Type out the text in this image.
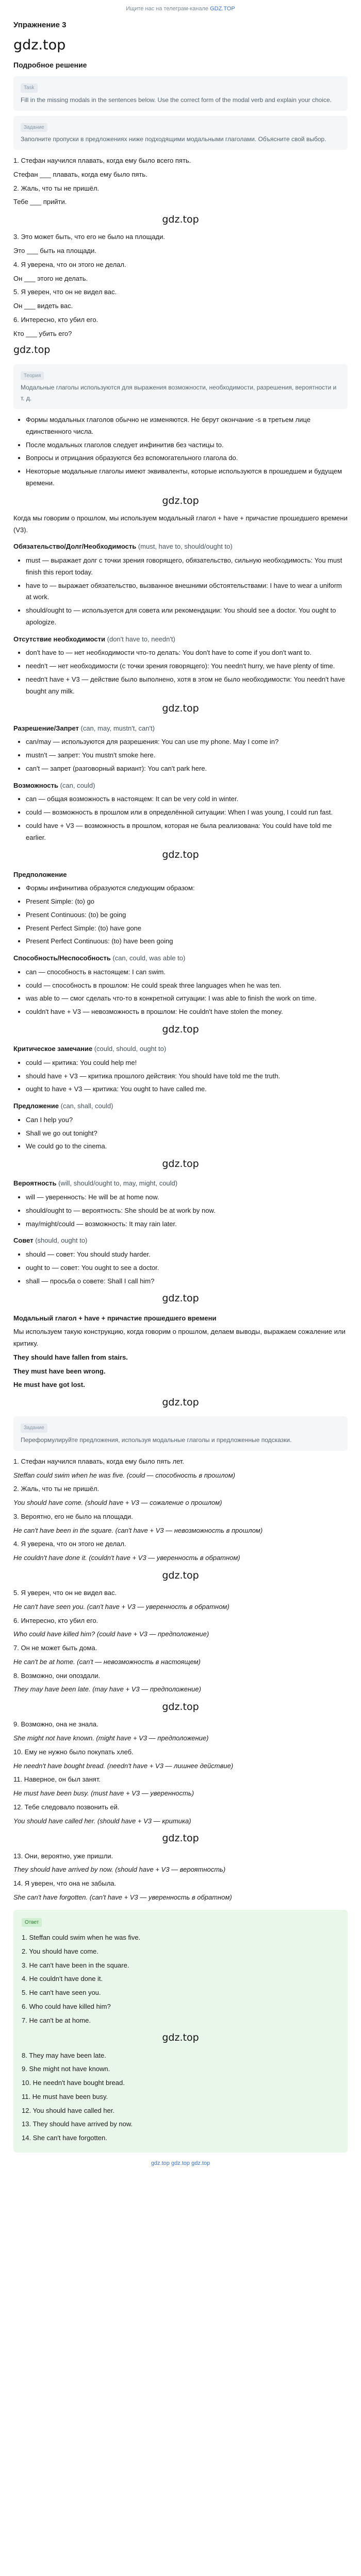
Ищите нас на телеграм-канале GDZ.TOP
Упражнение 3
gdz.top
Подробное решение
Task
Fill in the missing modals in the sentences below. Use the correct form of the modal verb and explain your choice.
Задание
Заполните пропуски в предложениях ниже подходящими модальными глаголами. Объясните свой выбор.

1. Стефан научился плавать, когда ему было всего пять.

Стефан ___ плавать, когда ему было пять.

2. Жаль, что ты не пришёл.

Тебе ___ прийти.

gdz.top

3. Это может быть, что его не было на площади.

Это ___ быть на площади.

4. Я уверена, что он этого не делал.

Он ___ этого не делать.

5. Я уверен, что он не видел вас.

Он ___ видеть вас.

6. Интересно, кто убил его.

Кто ___ убить его?

gdz.top
Теория
Модальные глаголы используются для выражения возможности, необходимости, разрешения, вероятности и т. д.
• Формы модальных глаголов обычно не изменяются. Не берут окончание -s в третьем лице единственного числа.
• После модальных глаголов следует инфинитив без частицы to.
• Вопросы и отрицания образуются без вспомогательного глагола do.
• Некоторые модальные глаголы имеют эквиваленты, которые используются в прошедшем и будущем времени.
gdz.top

Когда мы говорим о прошлом, мы используем модальный глагол + have + причастие прошедшего времени (V3).

Обязательство/Долг/Необходимость (must, have to, should/ought to)

• must — выражает долг с точки зрения говорящего, обязательство, сильную необходимость: You must finish this report today.
• have to — выражает обязательство, вызванное внешними обстоятельствами: I have to wear a uniform at work.
• should/ought to — используется для совета или рекомендации: You should see a doctor. You ought to apologize.

Отсутствие необходимости (don't have to, needn't)

• don't have to — нет необходимости что-то делать: You don't have to come if you don't want to.
• needn't — нет необходимости (с точки зрения говорящего): You needn't hurry, we have plenty of time.
• needn't have + V3 — действие было выполнено, хотя в этом не было необходимости: You needn't have bought any milk.
gdz.top

Разрешение/Запрет (can, may, mustn't, can't)

• can/may — используются для разрешения: You can use my phone. May I come in?
• mustn't — запрет: You mustn't smoke here.
• can't — запрет (разговорный вариант): You can't park here.

Возможность (can, could)

• can — общая возможность в настоящем: It can be very cold in winter.
• could — возможность в прошлом или в определённой ситуации: When I was young, I could run fast.
• could have + V3 — возможность в прошлом, которая не была реализована: You could have told me earlier.
gdz.top

Предположение

• Формы инфинитива образуются следующим образом:
• Present Simple: (to) go
• Present Continuous: (to) be going
• Present Perfect Simple: (to) have gone
• Present Perfect Continuous: (to) have been going

Способность/Неспособность (can, could, was able to)

• can — способность в настоящем: I can swim.
• could — способность в прошлом: He could speak three languages when he was ten.
• was able to — смог сделать что-то в конкретной ситуации: I was able to finish the work on time.
• couldn't have + V3 — невозможность в прошлом: He couldn't have stolen the money.
gdz.top

Критическое замечание (could, should, ought to)

• could — критика: You could help me!
• should have + V3 — критика прошлого действия: You should have told me the truth.
• ought to have + V3 — критика: You ought to have called me.

Предложение (can, shall, could)

• Can I help you?
• Shall we go out tonight?
• We could go to the cinema.
gdz.top

Вероятность (will, should/ought to, may, might, could)

• will — уверенность: He will be at home now.
• should/ought to — вероятность: She should be at work by now.
• may/might/could — возможность: It may rain later.

Совет (should, ought to)

• should — совет: You should study harder.
• ought to — совет: You ought to see a doctor.
• shall — просьба о совете: Shall I call him?
gdz.top

Модальный глагол + have + причастие прошедшего времени

Мы используем такую конструкцию, когда говорим о прошлом, делаем выводы, выражаем сожаление или критику.

They should have fallen from stairs.

They must have been wrong.

He must have got lost.

gdz.top
Задание
Переформулируйте предложения, используя модальные глаголы и предложенные подсказки.

1. Стефан научился плавать, когда ему было пять лет.

Steffan could swim when he was five. (could — способность в прошлом)

2. Жаль, что ты не пришёл.

You should have come. (should have + V3 — сожаление о прошлом)

3. Вероятно, его не было на площади.

He can't have been in the square. (can't have + V3 — невозможность в прошлом)

4. Я уверена, что он этого не делал.

He couldn't have done it. (couldn't have + V3 — уверенность в обратном)

gdz.top

5. Я уверен, что он не видел вас.

He can't have seen you. (can't have + V3 — уверенность в обратном)

6. Интересно, кто убил его.

Who could have killed him? (could have + V3 — предположение)

7. Он не может быть дома.

He can't be at home. (can't — невозможность в настоящем)

8. Возможно, они опоздали.

They may have been late. (may have + V3 — предположение)

gdz.top

9. Возможно, она не знала.

She might not have known. (might have + V3 — предположение)

10. Ему не нужно было покупать хлеб.

He needn't have bought bread. (needn't have + V3 — лишнее действие)

11. Наверное, он был занят.

He must have been busy. (must have + V3 — уверенность)

12. Тебе следовало позвонить ей.

You should have called her. (should have + V3 — критика)

gdz.top

13. Они, вероятно, уже пришли.

They should have arrived by now. (should have + V3 — вероятность)

14. Я уверен, что она не забыла.

She can't have forgotten. (can't have + V3 — уверенность в обратном)

Ответ

1. Steffan could swim when he was five.

2. You should have come.

3. He can't have been in the square.

4. He couldn't have done it.

5. He can't have seen you.

6. Who could have killed him?

7. He can't be at home.

gdz.top

8. They may have been late.

9. She might not have known.

10. He needn't have bought bread.

11. He must have been busy.

12. You should have called her.

13. They should have arrived by now.

14. She can't have forgotten.

gdz.top gdz.top gdz.top
